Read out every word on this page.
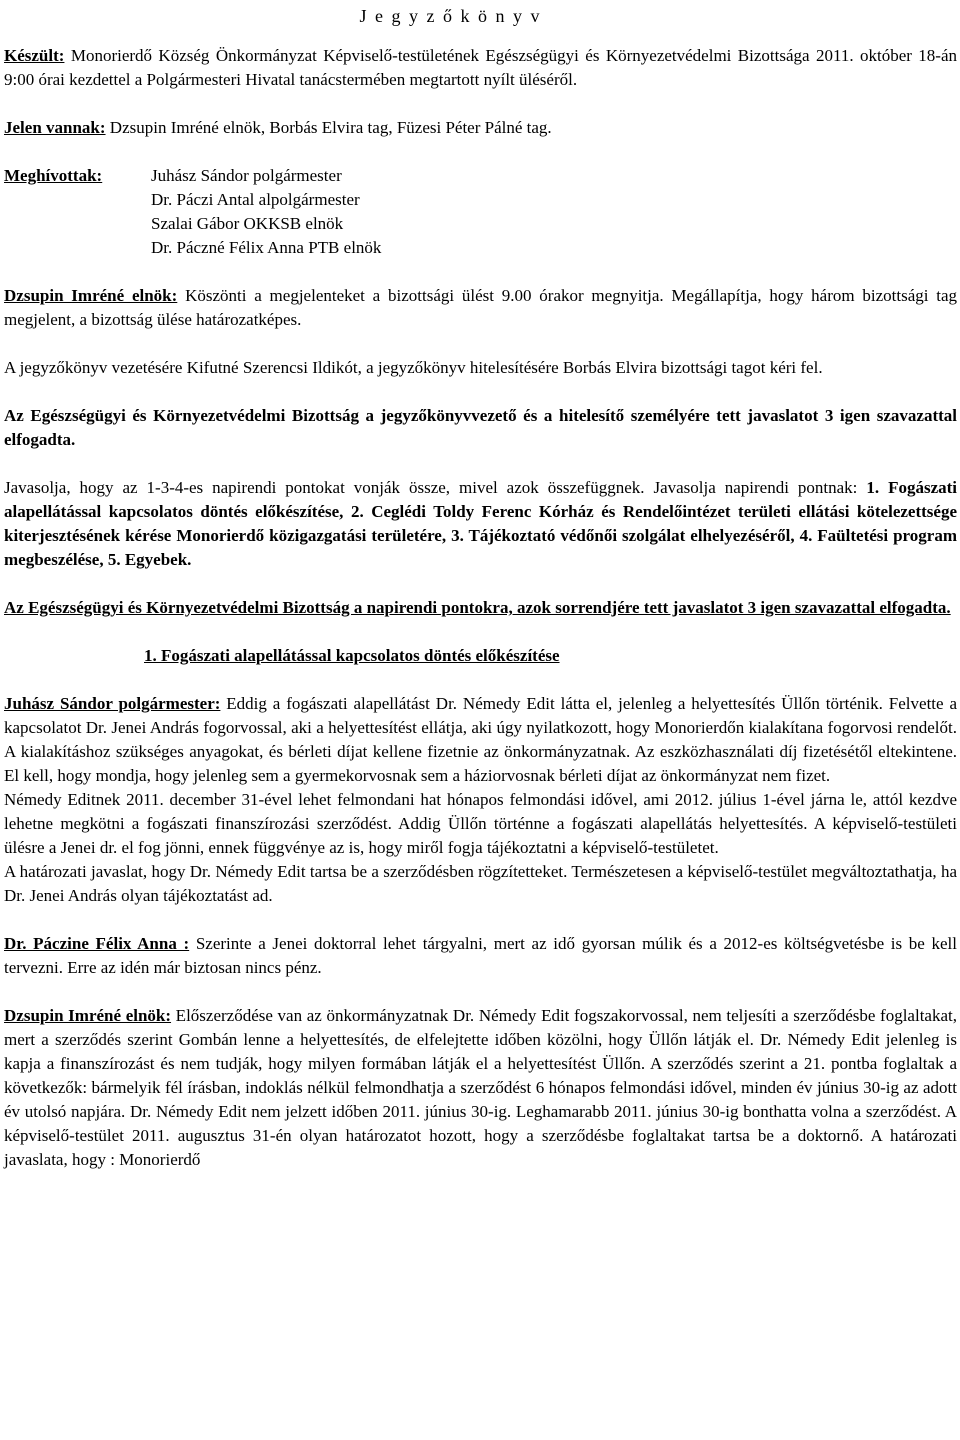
J e g y z ő k ö n y v

Készült: Monorierdő Község Önkormányzat Képviselő-testületének Egészségügyi és Környezetvédelmi Bizottsága 2011. október 18-án 9:00 órai kezdettel a Polgármesteri Hivatal tanácstermében megtartott nyílt üléséről.

Jelen vannak: Dzsupin Imréné elnök, Borbás Elvira tag, Füzesi Péter Pálné tag.

Meghívottak:	Juhász Sándor polgármester
Dr. Páczi Antal alpolgármester
Szalai Gábor OKKSB elnök
Dr. Páczné Félix Anna PTB elnök

Dzsupin Imréné elnök: Köszönti a megjelenteket a bizottsági ülést 9.00 órakor megnyitja. Megállapítja, hogy három bizottsági tag megjelent, a bizottság ülése határozatképes.

A jegyzőkönyv vezetésére Kifutné Szerencsi Ildikót, a jegyzőkönyv hitelesítésére Borbás Elvira bizottsági tagot kéri fel.

Az Egészségügyi és Környezetvédelmi Bizottság a jegyzőkönyvvezető és a hitelesítő személyére tett javaslatot 3 igen szavazattal elfogadta.

Javasolja, hogy az 1-3-4-es napirendi pontokat vonják össze, mivel azok összefüggnek. Javasolja napirendi pontnak: 1. Fogászati alapellátással kapcsolatos döntés előkészítése, 2. Ceglédi Toldy Ferenc Kórház és Rendelőintézet területi ellátási kötelezettsége kiterjesztésének kérése Monorierdő közigazgatási területére, 3. Tájékoztató védőnői szolgálat elhelyezéséről, 4. Faültetési program megbeszélése, 5. Egyebek.

Az Egészségügyi és Környezetvédelmi Bizottság a napirendi pontokra, azok sorrendjére tett javaslatot 3 igen szavazattal elfogadta.

1. Fogászati alapellátással kapcsolatos döntés előkészítése

Juhász Sándor polgármester: Eddig a fogászati alapellátást Dr. Némedy Edit látta el, jelenleg a helyettesítés Üllőn történik. Felvette a kapcsolatot Dr. Jenei András fogorvossal, aki a helyettesítést ellátja, aki úgy nyilatkozott, hogy Monorierdőn kialakítana fogorvosi rendelőt. A kialakításhoz szükséges anyagokat, és bérleti díjat kellene fizetnie az önkormányzatnak. Az eszközhasználati díj fizetésétől eltekintene. El kell, hogy mondja, hogy jelenleg sem a gyermekorvosnak sem a háziorvosnak bérleti díjat az önkormányzat nem fizet.

Némedy Editnek 2011. december 31-ével lehet felmondani hat hónapos felmondási idővel, ami 2012. július 1-ével járna le, attól kezdve lehetne megkötni a fogászati finanszírozási szerződést. Addig Üllőn történne a fogászati alapellátás helyettesítés. A képviselő-testületi ülésre a Jenei dr. el fog jönni, ennek függvénye az is, hogy miről fogja tájékoztatni a képviselő-testületet.

A határozati javaslat, hogy Dr. Némedy Edit tartsa be a szerződésben rögzítetteket. Természetesen a képviselő-testület megváltoztathatja, ha Dr. Jenei András olyan tájékoztatást ad.

Dr. Páczine Félix Anna : Szerinte a Jenei doktorral lehet tárgyalni, mert az idő gyorsan múlik és a 2012-es költségvetésbe is be kell tervezni. Erre az idén már biztosan nincs pénz.

Dzsupin Imréné elnök: Előszerződése van az önkormányzatnak Dr. Némedy Edit fogszakorvossal, nem teljesíti a szerződésbe foglaltakat, mert a szerződés szerint Gombán lenne a helyettesítés, de elfelejtette időben közölni, hogy Üllőn látják el. Dr. Némedy Edit jelenleg is kapja a finanszírozást és nem tudják, hogy milyen formában látják el a helyettesítést Üllőn. A szerződés szerint a 21. pontba foglaltak a következők: bármelyik fél írásban, indoklás nélkül felmondhatja a szerződést 6 hónapos felmondási idővel, minden év június 30-ig az adott év utolsó napjára. Dr. Némedy Edit nem jelzett időben 2011. június 30-ig. Leghamarabb 2011. június 30-ig bonthatta volna a szerződést. A képviselő-testület 2011. augusztus 31-én olyan határozatot hozott, hogy a szerződésbe foglaltakat tartsa be a doktornő. A határozati javaslata, hogy : Monorierdő
